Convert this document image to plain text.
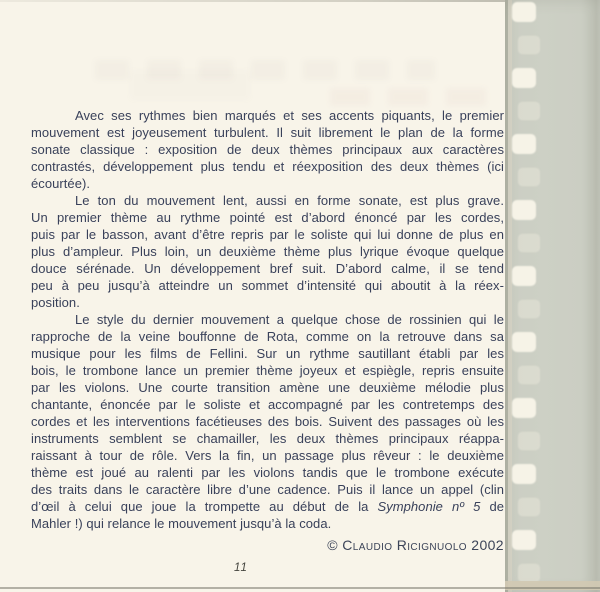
Avec ses rythmes bien marqués et ses accents piquants, le premier
mouvement est joyeusement turbulent. Il suit librement le plan de la forme
sonate classique : exposition de deux thèmes principaux aux caractères
contrastés, développement plus tendu et réexposition des deux thèmes (ici
écourtée).
Le ton du mouvement lent, aussi en forme sonate, est plus grave.
Un premier thème au rythme pointé est d’abord énoncé par les cordes,
puis par le basson, avant d’être repris par le soliste qui lui donne de plus en
plus d’ampleur. Plus loin, un deuxième thème plus lyrique évoque quelque
douce sérénade. Un développement bref suit. D’abord calme, il se tend
peu à peu jusqu’à atteindre un sommet d’intensité qui aboutit à la réex-
position.
Le style du dernier mouvement a quelque chose de rossinien qui le
rapproche de la veine bouffonne de Rota, comme on la retrouve dans sa
musique pour les films de Fellini. Sur un rythme sautillant établi par les
bois, le trombone lance un premier thème joyeux et espiègle, repris ensuite
par les violons. Une courte transition amène une deuxième mélodie plus
chantante, énoncée par le soliste et accompagné par les contretemps des
cordes et les interventions facétieuses des bois. Suivent des passages où les
instruments semblent se chamailler, les deux thèmes principaux réappa-
raissant à tour de rôle. Vers la fin, un passage plus rêveur : le deuxième
thème est joué au ralenti par les violons tandis que le trombone exécute
des traits dans le caractère libre d’une cadence. Puis il lance un appel (clin
d’œil à celui que joue la trompette au début de la Symphonie nº 5 de
Mahler !) qui relance le mouvement jusqu’à la coda.
© Claudio Ricignuolo 2002
11
